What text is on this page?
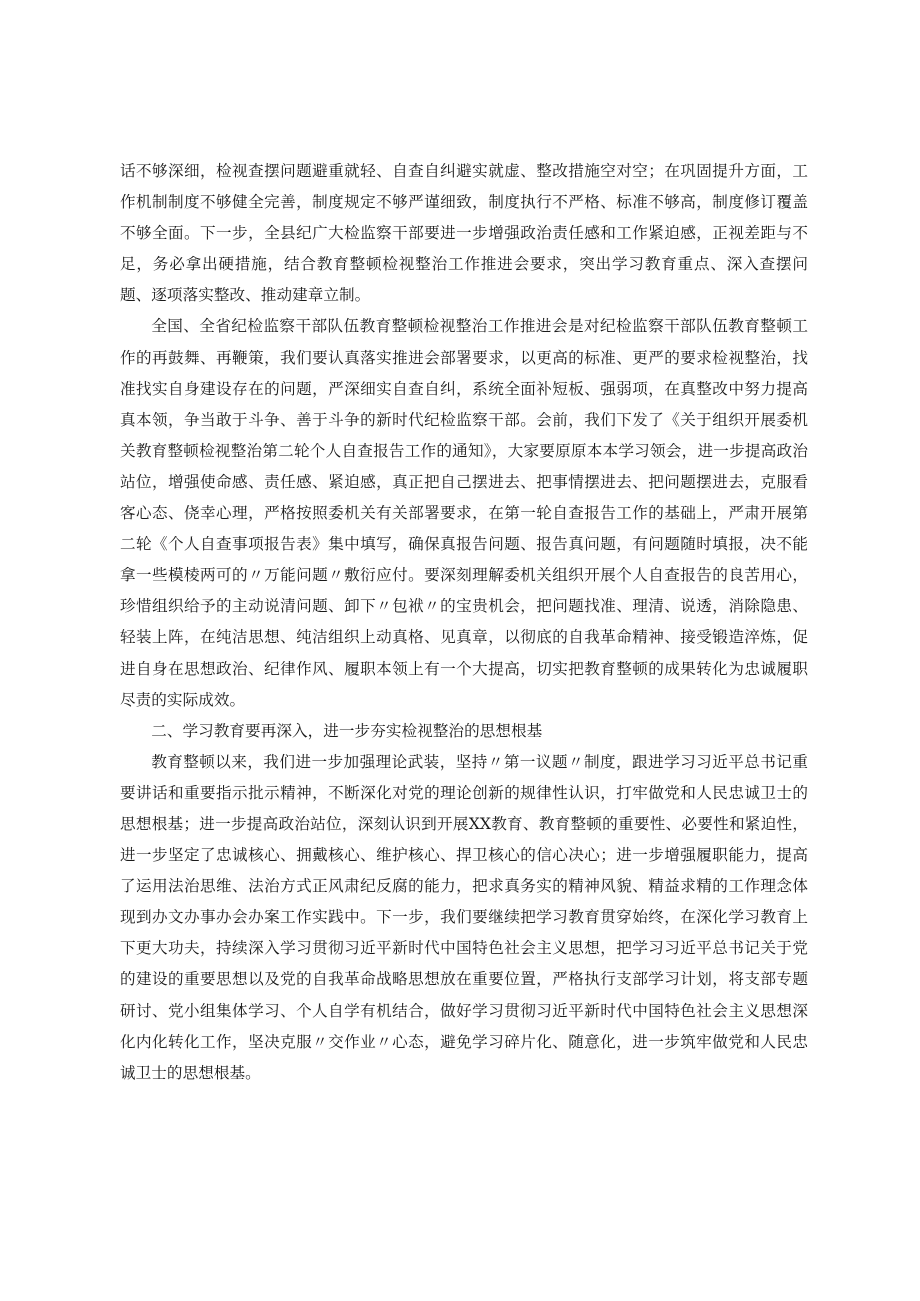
话不够深细，检视查摆问题避重就轻、自查自纠避实就虚、整改措施空对空；在巩固提升方面，工作机制制度不够健全完善，制度规定不够严谨细致，制度执行不严格、标准不够高，制度修订覆盖不够全面。下一步，全县纪广大检监察干部要进一步增强政治责任感和工作紧迫感，正视差距与不足，务必拿出硬措施，结合教育整顿检视整治工作推进会要求，突出学习教育重点、深入查摆问题、逐项落实整改、推动建章立制。

全国、全省纪检监察干部队伍教育整顿检视整治工作推进会是对纪检监察干部队伍教育整顿工作的再鼓舞、再鞭策，我们要认真落实推进会部署要求，以更高的标准、更严的要求检视整治，找准找实自身建设存在的问题，严深细实自查自纠，系统全面补短板、强弱项，在真整改中努力提高真本领，争当敢于斗争、善于斗争的新时代纪检监察干部。会前，我们下发了《关于组织开展委机关教育整顿检视整治第二轮个人自查报告工作的通知》，大家要原原本本学习领会，进一步提高政治站位，增强使命感、责任感、紧迫感，真正把自己摆进去、把事情摆进去、把问题摆进去，克服看客心态、侥幸心理，严格按照委机关有关部署要求，在第一轮自查报告工作的基础上，严肃开展第二轮《个人自查事项报告表》集中填写，确保真报告问题、报告真问题，有问题随时填报，决不能拿一些模棱两可的〃万能问题〃敷衍应付。要深刻理解委机关组织开展个人自查报告的良苦用心，珍惜组织给予的主动说清问题、卸下〃包袱〃的宝贵机会，把问题找准、理清、说透，消除隐患、轻装上阵，在纯洁思想、纯洁组织上动真格、见真章，以彻底的自我革命精神、接受锻造淬炼，促进自身在思想政治、纪律作风、履职本领上有一个大提高，切实把教育整顿的成果转化为忠诚履职尽责的实际成效。

二、学习教育要再深入，进一步夯实检视整治的思想根基

教育整顿以来，我们进一步加强理论武装，坚持〃第一议题〃制度，跟进学习习近平总书记重要讲话和重要指示批示精神，不断深化对党的理论创新的规律性认识，打牢做党和人民忠诚卫士的思想根基；进一步提高政治站位，深刻认识到开展XX教育、教育整顿的重要性、必要性和紧迫性，进一步坚定了忠诚核心、拥戴核心、维护核心、捍卫核心的信心决心；进一步增强履职能力，提高了运用法治思维、法治方式正风肃纪反腐的能力，把求真务实的精神风貌、精益求精的工作理念体现到办文办事办会办案工作实践中。下一步，我们要继续把学习教育贯穿始终，在深化学习教育上下更大功夫，持续深入学习贯彻习近平新时代中国特色社会主义思想，把学习习近平总书记关于党的建设的重要思想以及党的自我革命战略思想放在重要位置，严格执行支部学习计划，将支部专题研讨、党小组集体学习、个人自学有机结合，做好学习贯彻习近平新时代中国特色社会主义思想深化内化转化工作，坚决克服〃交作业〃心态，避免学习碎片化、随意化，进一步筑牢做党和人民忠诚卫士的思想根基。
